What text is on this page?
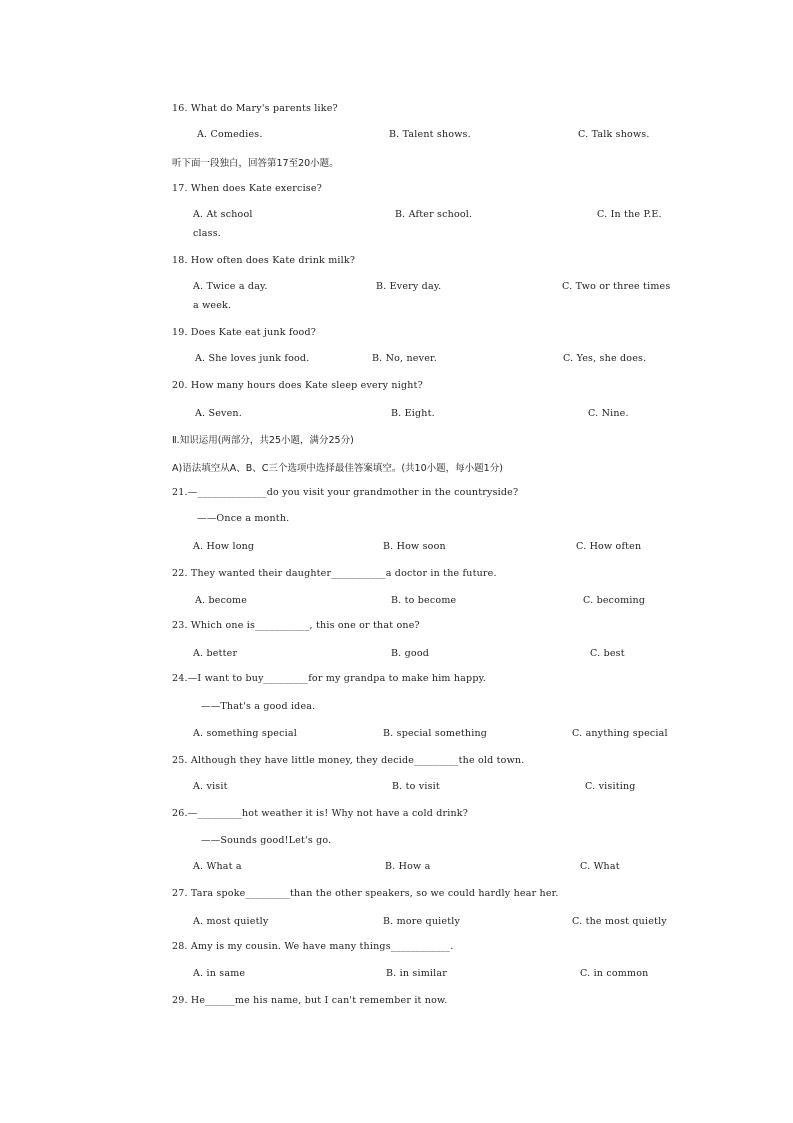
16. What do Mary's parents like?
A. Comedies.	B. Talent shows.	C. Talk shows.
听下面一段独白，回答第17至20小题。
17. When does Kate exercise?
A. At school	B. After school.	C. In the P.E.
class.
18. How often does Kate drink milk?
A. Twice a day.	B. Every day.	C. Two or three times
a week.
19. Does Kate eat junk food?
A. She loves junk food.	B. No, never.	C. Yes, she does.
20. How many hours does Kate sleep every night?
A. Seven.	B. Eight.	C. Nine.
Ⅱ.知识运用(两部分，共25小题，满分25分)
A)语法填空从A、B、C三个选项中选择最佳答案填空。(共10小题，每小题1分)
21.—______________do you visit your grandmother in the countryside?
——Once a month.
A. How long	B. How soon	C. How often
22. They wanted their daughter___________a doctor in the future.
A. become	B. to become	C. becoming
23. Which one is___________, this one or that one?
A. better	B. good	C. best
24.—I want to buy_________for my grandpa to make him happy.
——That's a good idea.
A. something special	B. special something	C. anything special
25. Although they have little money, they decide_________the old town.
A. visit	B. to visit	C. visiting
26.—_________hot weather it is! Why not have a cold drink?
——Sounds good!Let's go.
A. What a	B. How a	C. What
27. Tara spoke_________than the other speakers, so we could hardly hear her.
A. most quietly	B. more quietly	C. the most quietly
28. Amy is my cousin. We have many things____________.
A. in same	B. in similar	C. in common
29. He______me his name, but I can't remember it now.
